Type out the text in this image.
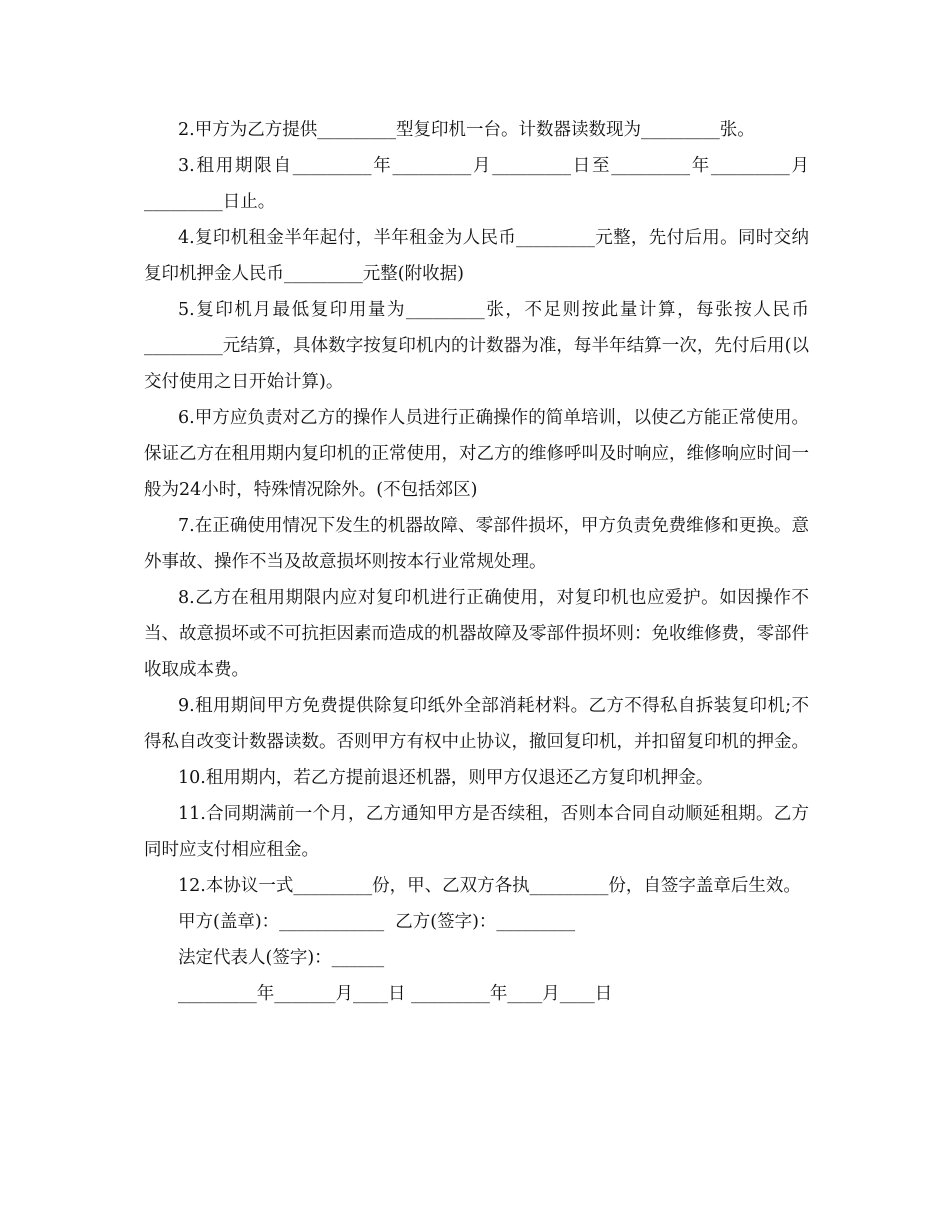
2.甲方为乙方提供_________型复印机一台。计数器读数现为_________张。

3.租用期限自_________年_________月_________日至_________年_________月_________日止。

4.复印机租金半年起付，半年租金为人民币_________元整，先付后用。同时交纳复印机押金人民币_________元整(附收据)

5.复印机月最低复印用量为_________张，不足则按此量计算，每张按人民币_________元结算，具体数字按复印机内的计数器为准，每半年结算一次，先付后用(以交付使用之日开始计算)。

6.甲方应负责对乙方的操作人员进行正确操作的简单培训，以使乙方能正常使用。保证乙方在租用期内复印机的正常使用，对乙方的维修呼叫及时响应，维修响应时间一般为24小时，特殊情况除外。(不包括郊区)

7.在正确使用情况下发生的机器故障、零部件损坏，甲方负责免费维修和更换。意外事故、操作不当及故意损坏则按本行业常规处理。

8.乙方在租用期限内应对复印机进行正确使用，对复印机也应爱护。如因操作不当、故意损坏或不可抗拒因素而造成的机器故障及零部件损坏则：免收维修费，零部件收取成本费。

9.租用期间甲方免费提供除复印纸外全部消耗材料。乙方不得私自拆装复印机;不得私自改变计数器读数。否则甲方有权中止协议，撤回复印机，并扣留复印机的押金。

10.租用期内，若乙方提前退还机器，则甲方仅退还乙方复印机押金。

11.合同期满前一个月，乙方通知甲方是否续租，否则本合同自动顺延租期。乙方同时应支付相应租金。

12.本协议一式_________份，甲、乙双方各执_________份，自签字盖章后生效。

甲方(盖章)：____________  乙方(签字)：_________

法定代表人(签字)：______

_________年_______月____日 _________年____月____日
